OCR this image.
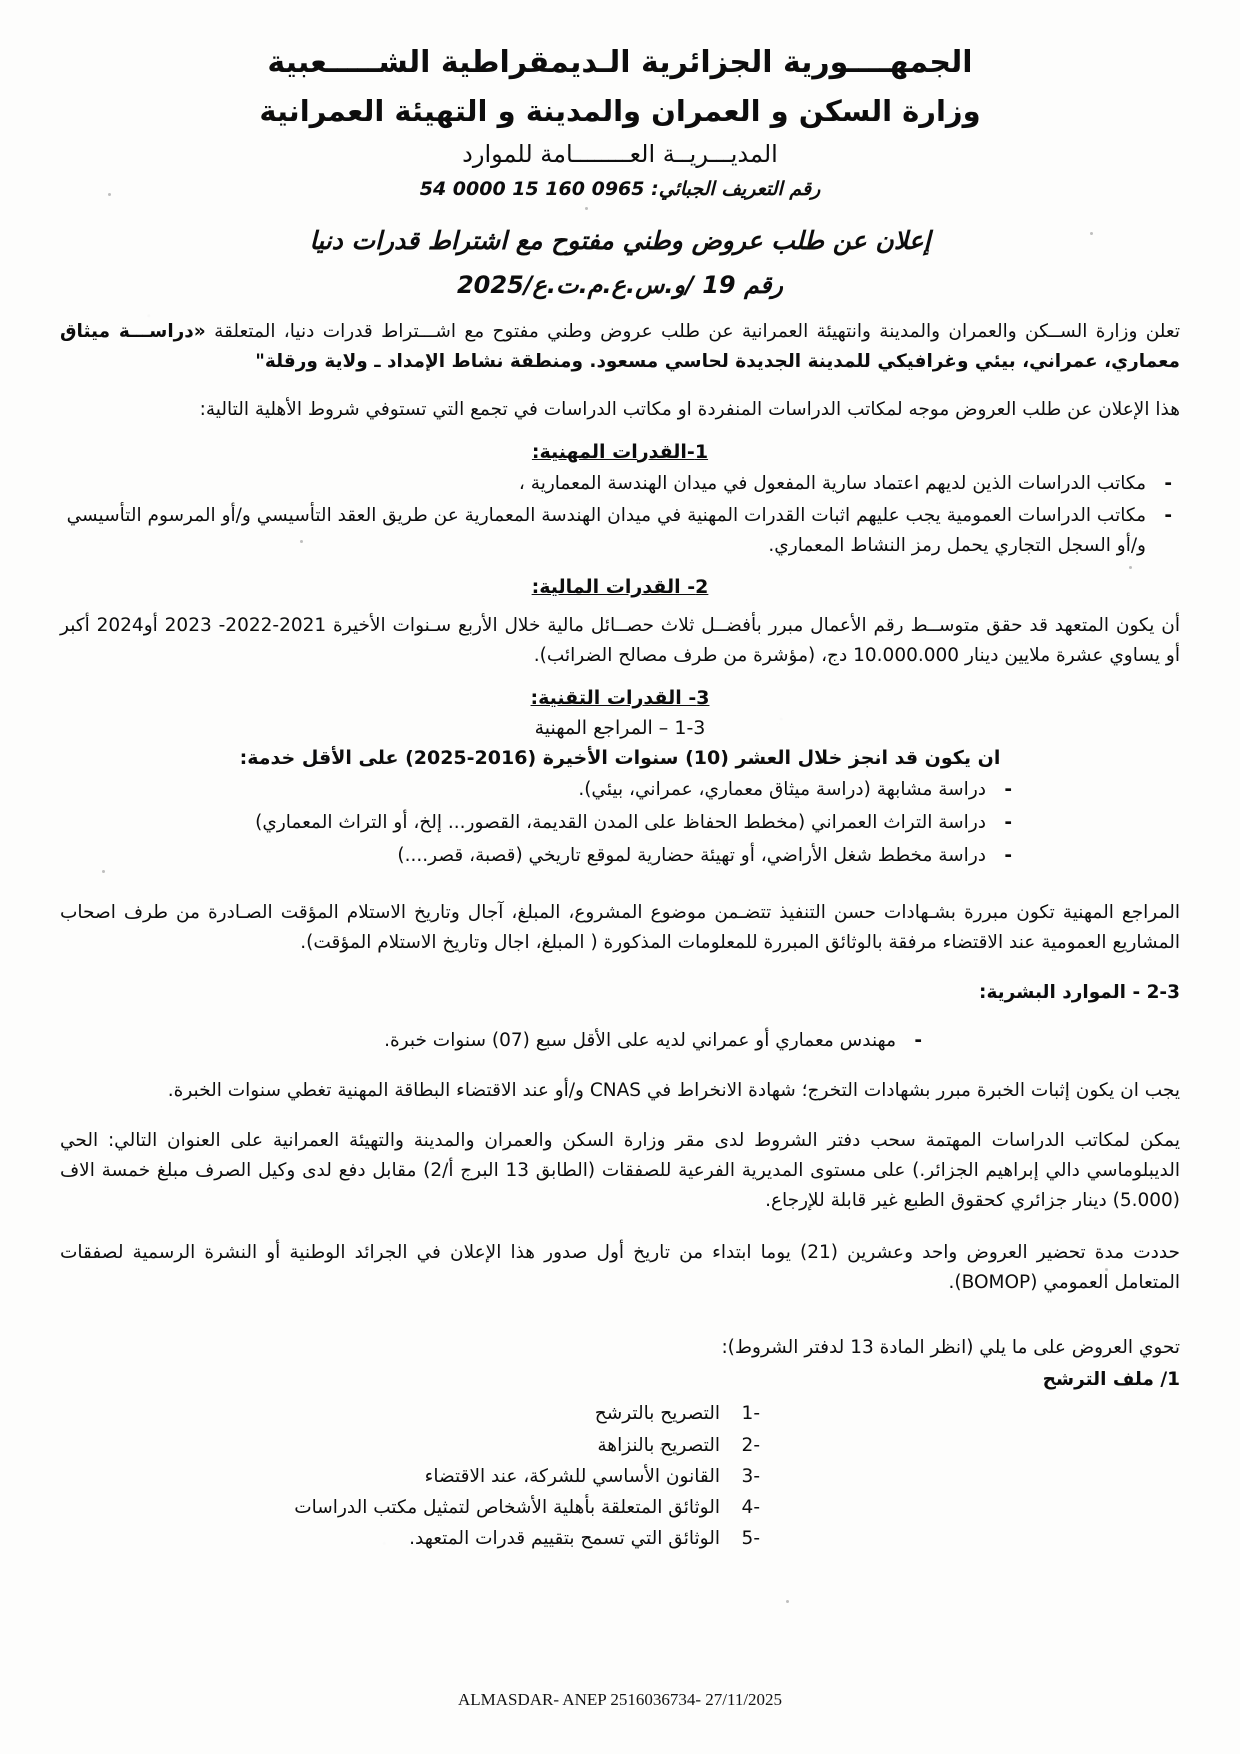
الجمهــــورية الجزائرية الـديمقراطية الشـــــعبية
وزارة السكن و العمران والمدينة و التهيئة العمرانية
المديـــريــة العــــــــامة للموارد
رقم التعريف الجبائي: 54 0000 15 160 0965
إعلان عن طلب عروض وطني مفتوح مع اشتراط قدرات دنيا
رقم 19 /و.س.ع.م.ت.ع/2025
تعلن وزارة الســكن والعمران والمدينة وانتهيئة العمرانية عن طلب عروض وطني مفتوح مع اشـــتراط قدرات دنيا، المتعلقة «دراســـة ميثاق معماري، عمراني، بيئي وغرافيكي للمدينة الجديدة لحاسي مسعود. ومنطقة نشاط الإمداد ـ ولاية ورقلة"
هذا الإعلان عن طلب العروض موجه لمكاتب الدراسات المنفردة او مكاتب الدراسات في تجمع التي تستوفي شروط الأهلية التالية:
1-القدرات المهنية:
- مكاتب الدراسات الذين لديهم اعتماد سارية المفعول في ميدان الهندسة المعمارية ،
- مكاتب الدراسات العمومية يجب عليهم اثبات القدرات المهنية في ميدان الهندسة المعمارية عن طريق العقد التأسيسي و/أو المرسوم التأسيسي و/أو السجل التجاري يحمل رمز النشاط المعماري.
2- القدرات المالية:
أن يكون المتعهد قد حقق متوســط رقم الأعمال مبرر بأفضــل ثلاث حصــائل مالية خلال الأربع سـنوات الأخيرة 2021-2022- 2023 أو2024 أكبر أو يساوي عشرة ملايين دينار 10.000.000 دج، (مؤشرة من طرف مصالح الضرائب).
3- القدرات التقنية:
1-3 – المراجع المهنية
ان يكون قد انجز خلال العشر (10) سنوات الأخيرة (2016-2025) على الأقل خدمة:
- دراسة مشابهة (دراسة ميثاق معماري، عمراني، بيئي).
- دراسة التراث العمراني (مخطط الحفاظ على المدن القديمة، القصور... إلخ، أو التراث المعماري)
- دراسة مخطط شغل الأراضي، أو تهيئة حضارية لموقع تاريخي (قصبة، قصر....)
المراجع المهنية تكون مبررة بشـهادات حسن التنفيذ تتضـمن موضوع المشروع، المبلغ، آجال وتاريخ الاستلام المؤقت الصـادرة من طرف اصحاب المشاريع العمومية عند الاقتضاء مرفقة بالوثائق المبررة للمعلومات المذكورة ( المبلغ، اجال وتاريخ الاستلام المؤقت).
2-3 - الموارد البشرية:
- مهندس معماري أو عمراني لديه على الأقل سبع (07) سنوات خبرة.
يجب ان يكون إثبات الخبرة مبرر بشهادات التخرج؛ شهادة الانخراط في CNAS و/أو عند الاقتضاء البطاقة المهنية تغطي سنوات الخبرة.
يمكن لمكاتب الدراسات المهتمة سحب دفتر الشروط لدى مقر وزارة السكن والعمران والمدينة والتهيئة العمرانية على العنوان التالي: الحي الديبلوماسي دالي إبراهيم الجزائر.) على مستوى المديرية الفرعية للصفقات (الطابق 13 البرج أ/2) مقابل دفع لدى وكيل الصرف مبلغ خمسة الاف (5.000) دينار جزائري كحقوق الطبع غير قابلة للإرجاع.
حددت مدة تحضير العروض واحد وعشرين (21) يوما ابتداء من تاريخ أول صدور هذا الإعلان في الجرائد الوطنية أو النشرة الرسمية لصفقات المتعامل العمومي (BOMOP).
تحوي العروض على ما يلي (انظر المادة 13 لدفتر الشروط):
1/ ملف الترشح
1-
التصريح بالترشح
2-
التصريح بالنزاهة
3-
القانون الأساسي للشركة، عند الاقتضاء
4-
الوثائق المتعلقة بأهلية الأشخاص لتمثيل مكتب الدراسات
5-
الوثائق التي تسمح بتقييم قدرات المتعهد.
ALMASDAR- ANEP 2516036734- 27/11/2025
